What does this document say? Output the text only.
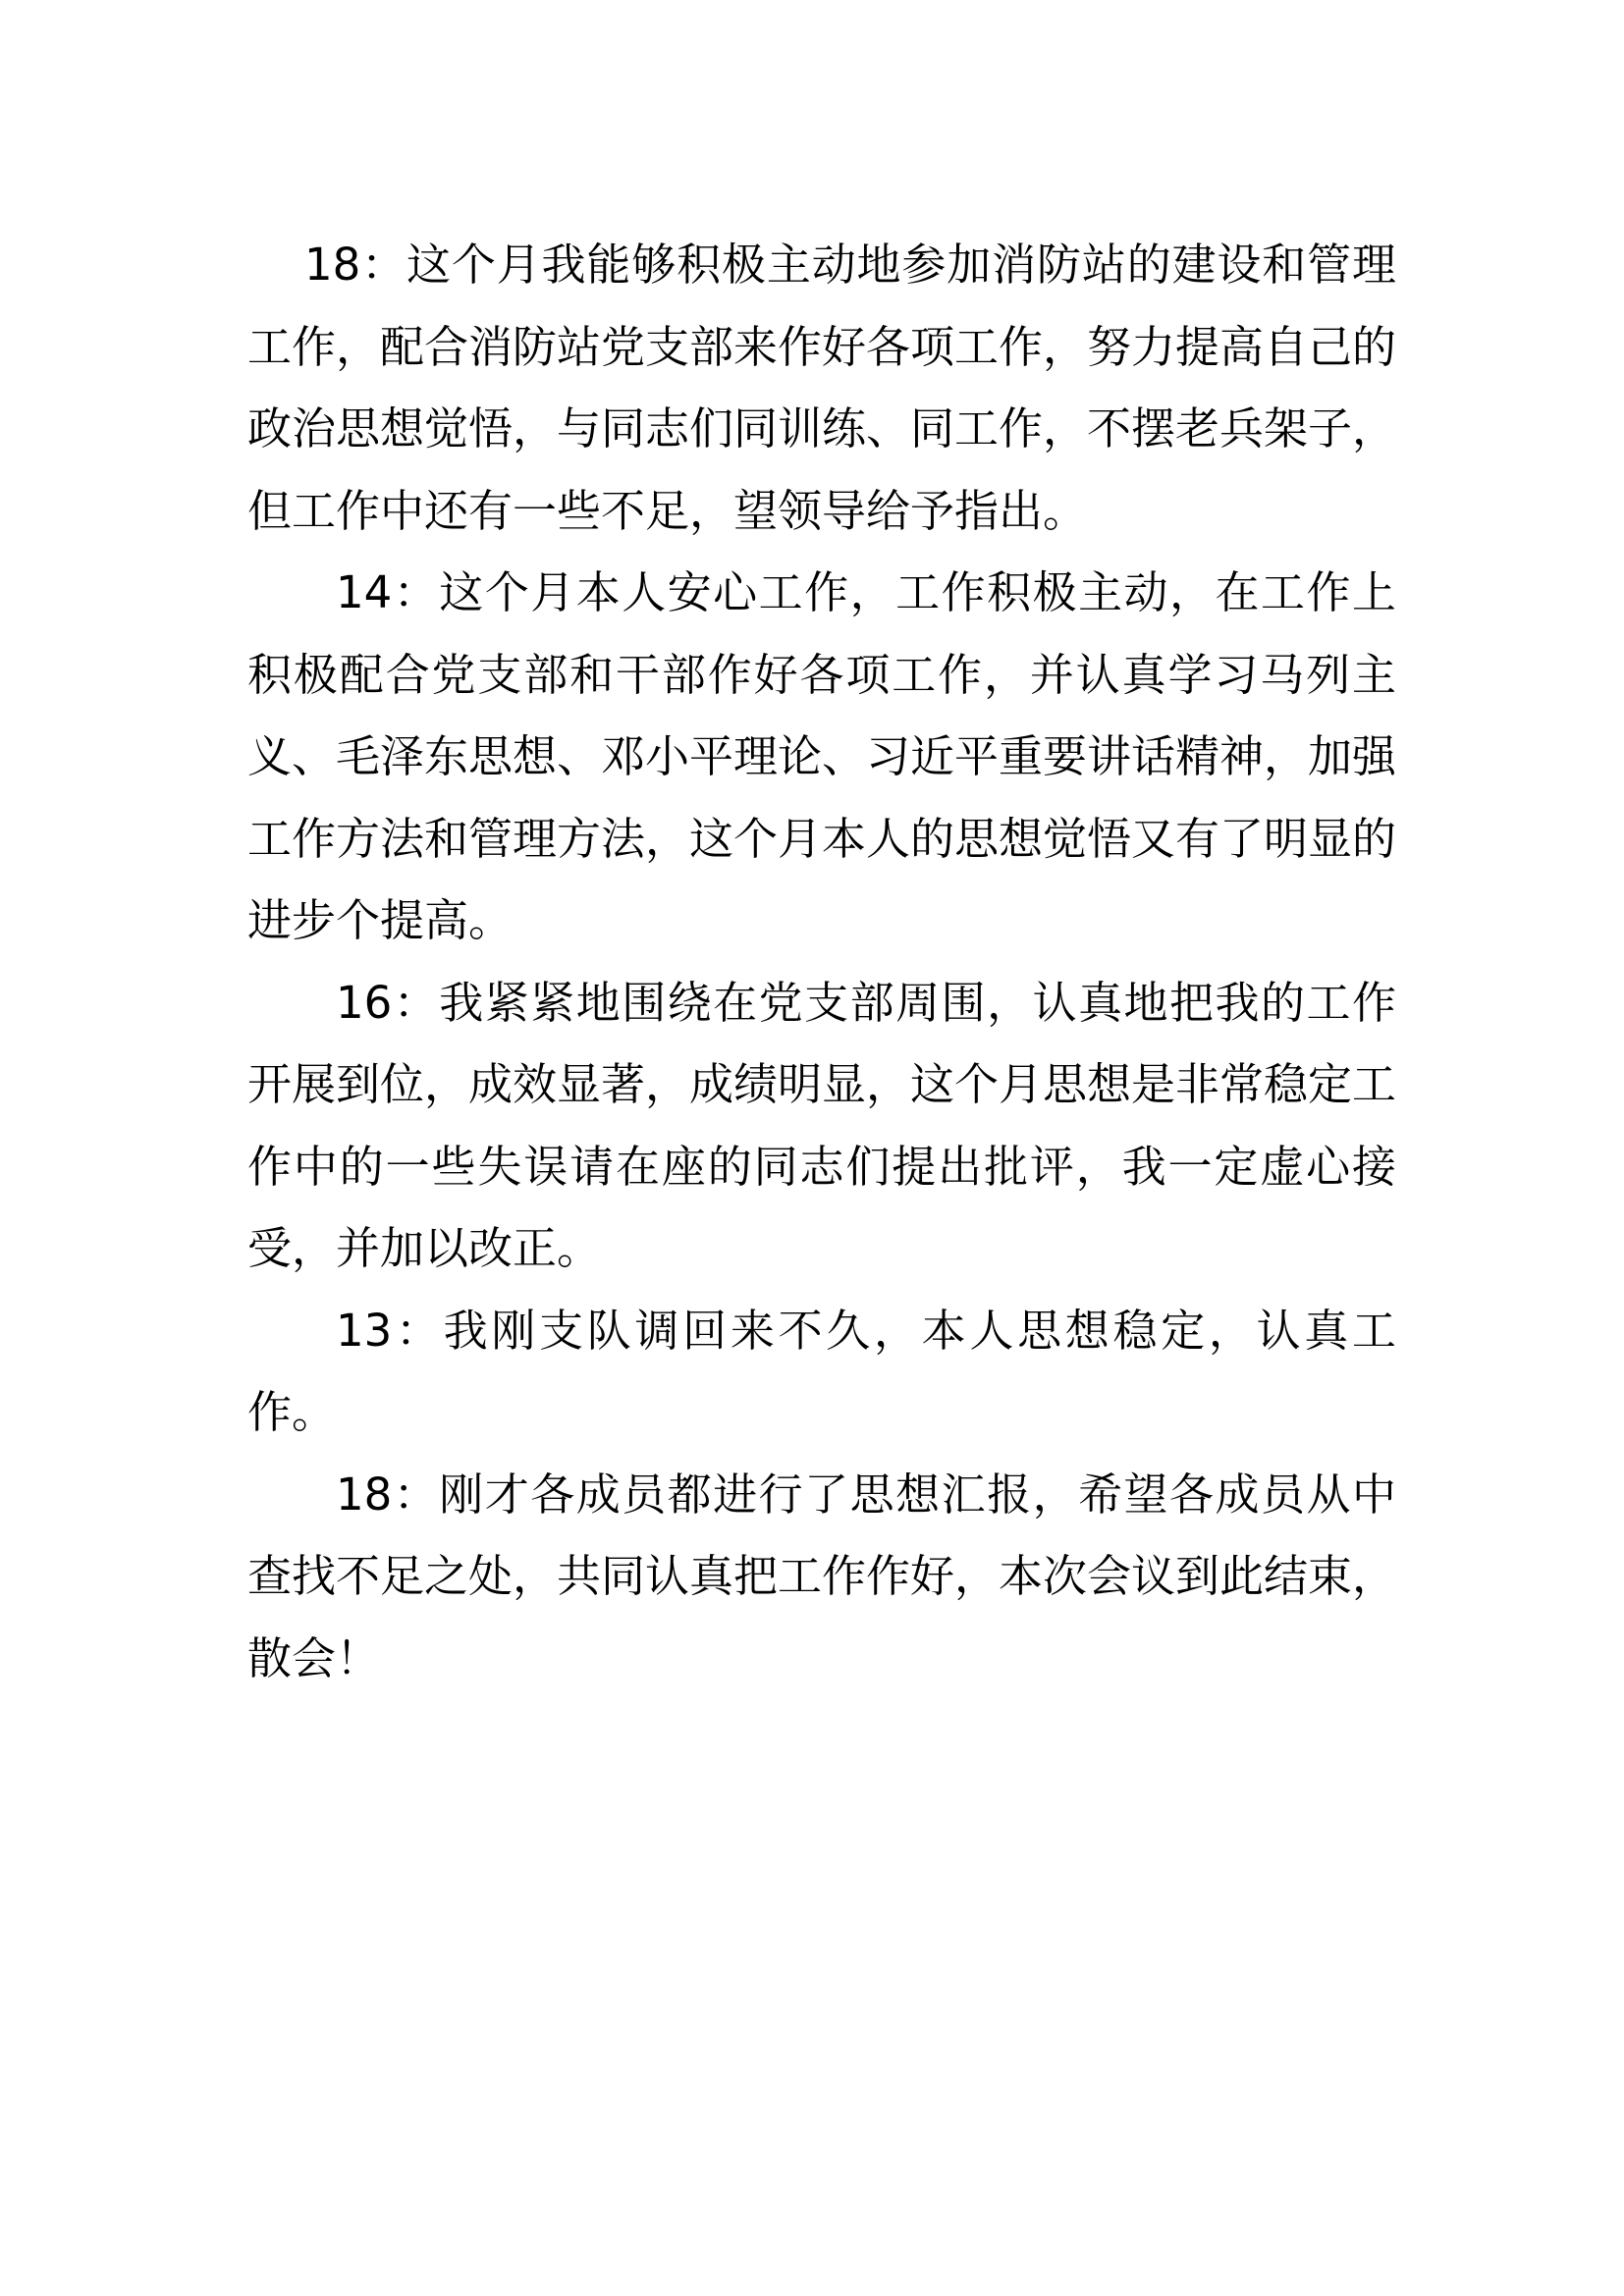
18：这个月我能够积极主动地参加消防站的建设和管理工作，配合消防站党支部来作好各项工作，努力提高自己的政治思想觉悟，与同志们同训练、同工作，不摆老兵架子，但工作中还有一些不足，望领导给予指出。

14：这个月本人安心工作，工作积极主动，在工作上积极配合党支部和干部作好各项工作，并认真学习马列主义、毛泽东思想、邓小平理论、习近平重要讲话精神，加强工作方法和管理方法，这个月本人的思想觉悟又有了明显的进步个提高。

16：我紧紧地围绕在党支部周围，认真地把我的工作开展到位，成效显著，成绩明显，这个月思想是非常稳定工作中的一些失误请在座的同志们提出批评，我一定虚心接受，并加以改正。

13：我刚支队调回来不久，本人思想稳定，认真工作。

18：刚才各成员都进行了思想汇报，希望各成员从中查找不足之处，共同认真把工作作好，本次会议到此结束，散会！
